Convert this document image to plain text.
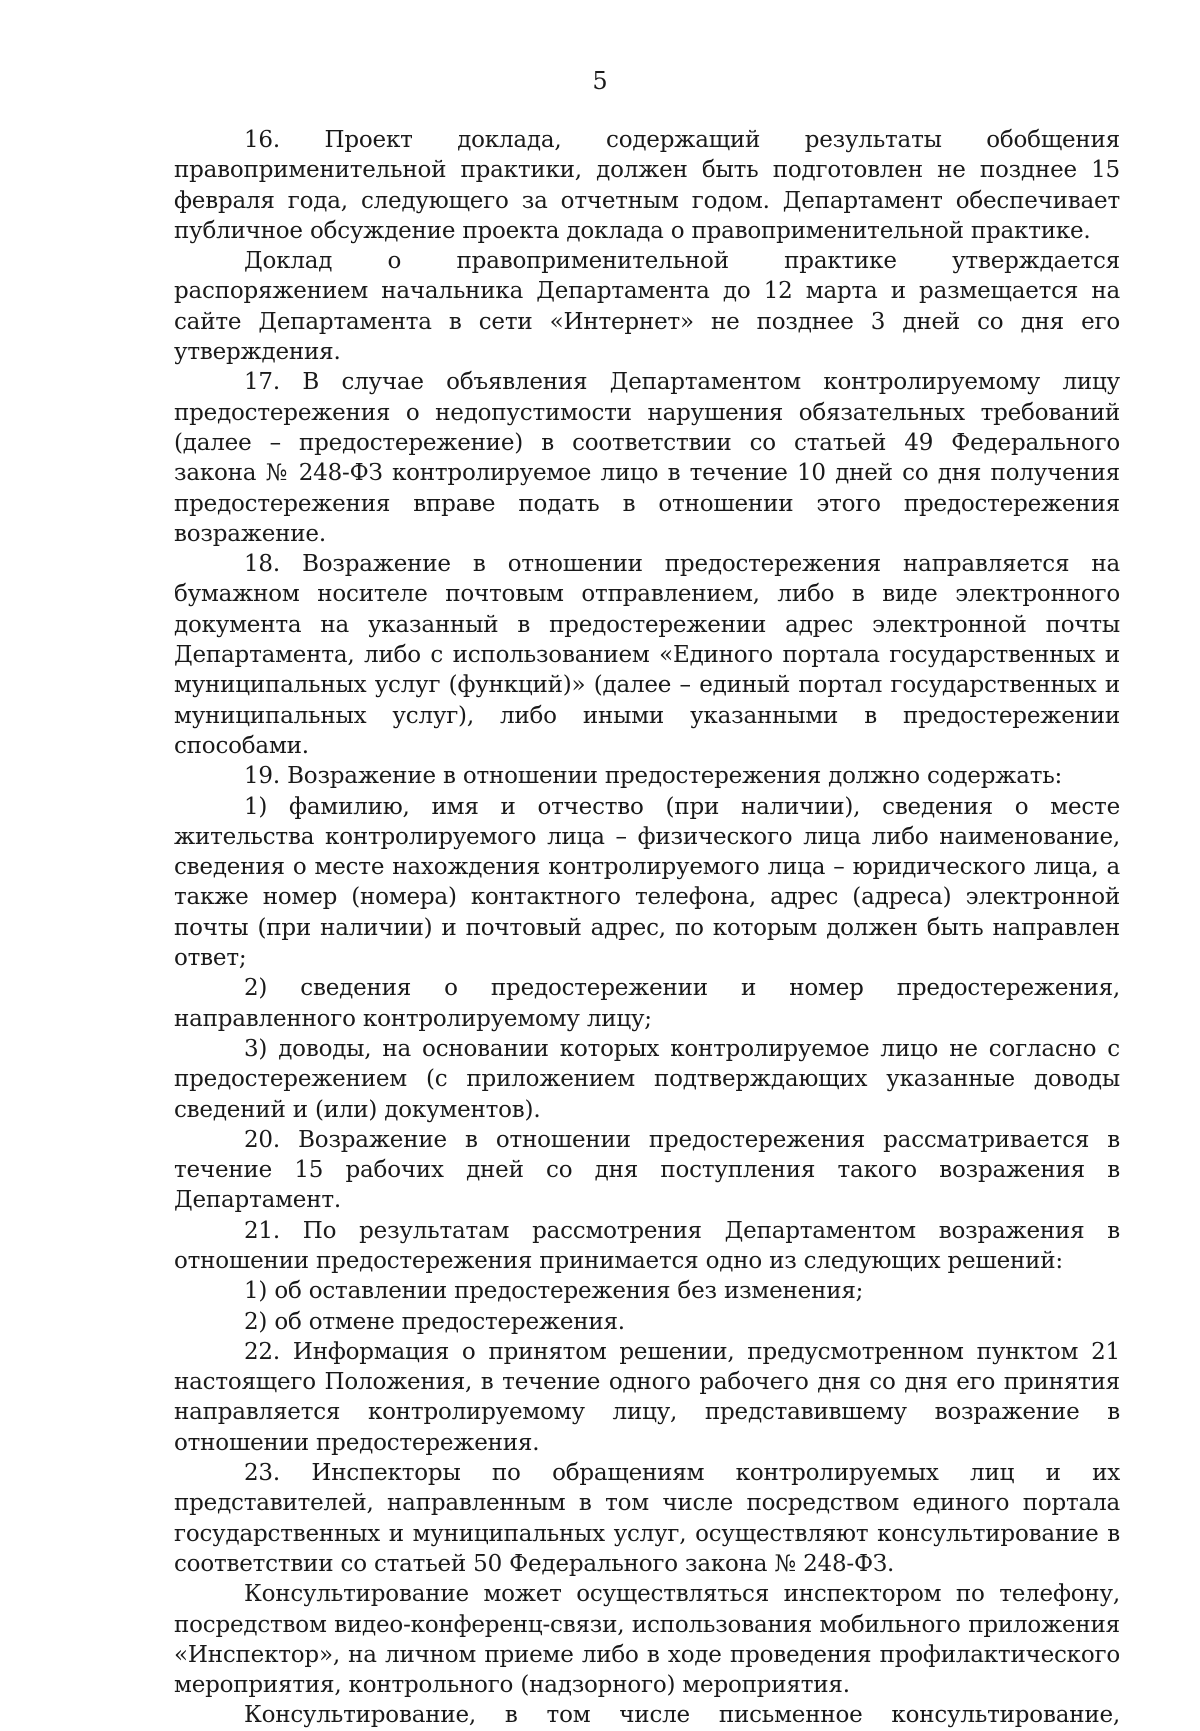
5

16. Проект доклада, содержащий результаты обобщения правоприменительной практики, должен быть подготовлен не позднее 15 февраля года, следующего за отчетным годом. Департамент обеспечивает публичное обсуждение проекта доклада о правоприменительной практике.

Доклад о правоприменительной практике утверждается распоряжением начальника Департамента до 12 марта и размещается на сайте Департамента в сети «Интернет» не позднее 3 дней со дня его утверждения.

17. В случае объявления Департаментом контролируемому лицу предостережения о недопустимости нарушения обязательных требований (далее – предостережение) в соответствии со статьей 49 Федерального закона № 248-ФЗ контролируемое лицо в течение 10 дней со дня получения предостережения вправе подать в отношении этого предостережения возражение.

18. Возражение в отношении предостережения направляется на бумажном носителе почтовым отправлением, либо в виде электронного документа на указанный в предостережении адрес электронной почты Департамента, либо с использованием «Единого портала государственных и муниципальных услуг (функций)» (далее – единый портал государственных и муниципальных услуг), либо иными указанными в предостережении способами.

19. Возражение в отношении предостережения должно содержать:

1) фамилию, имя и отчество (при наличии), сведения о месте жительства контролируемого лица – физического лица либо наименование, сведения о месте нахождения контролируемого лица – юридического лица, а также номер (номера) контактного телефона, адрес (адреса) электронной почты (при наличии) и почтовый адрес, по которым должен быть направлен ответ;

2) сведения о предостережении и номер предостережения, направленного контролируемому лицу;

3) доводы, на основании которых контролируемое лицо не согласно с предостережением (с приложением подтверждающих указанные доводы сведений и (или) документов).

20. Возражение в отношении предостережения рассматривается в течение 15 рабочих дней со дня поступления такого возражения в Департамент.

21. По результатам рассмотрения Департаментом возражения в отношении предостережения принимается одно из следующих решений:

1) об оставлении предостережения без изменения;

2) об отмене предостережения.

22. Информация о принятом решении, предусмотренном пунктом 21 настоящего Положения, в течение одного рабочего дня со дня его принятия направляется контролируемому лицу, представившему возражение в отношении предостережения.

23. Инспекторы по обращениям контролируемых лиц и их представителей, направленным в том числе посредством единого портала государственных и муниципальных услуг, осуществляют консультирование в соответствии со статьей 50 Федерального закона № 248-ФЗ.

Консультирование может осуществляться инспектором по телефону, посредством видео-конференц-связи, использования мобильного приложения «Инспектор», на личном приеме либо в ходе проведения профилактического мероприятия, контрольного (надзорного) мероприятия.

Консультирование, в том числе письменное консультирование,
